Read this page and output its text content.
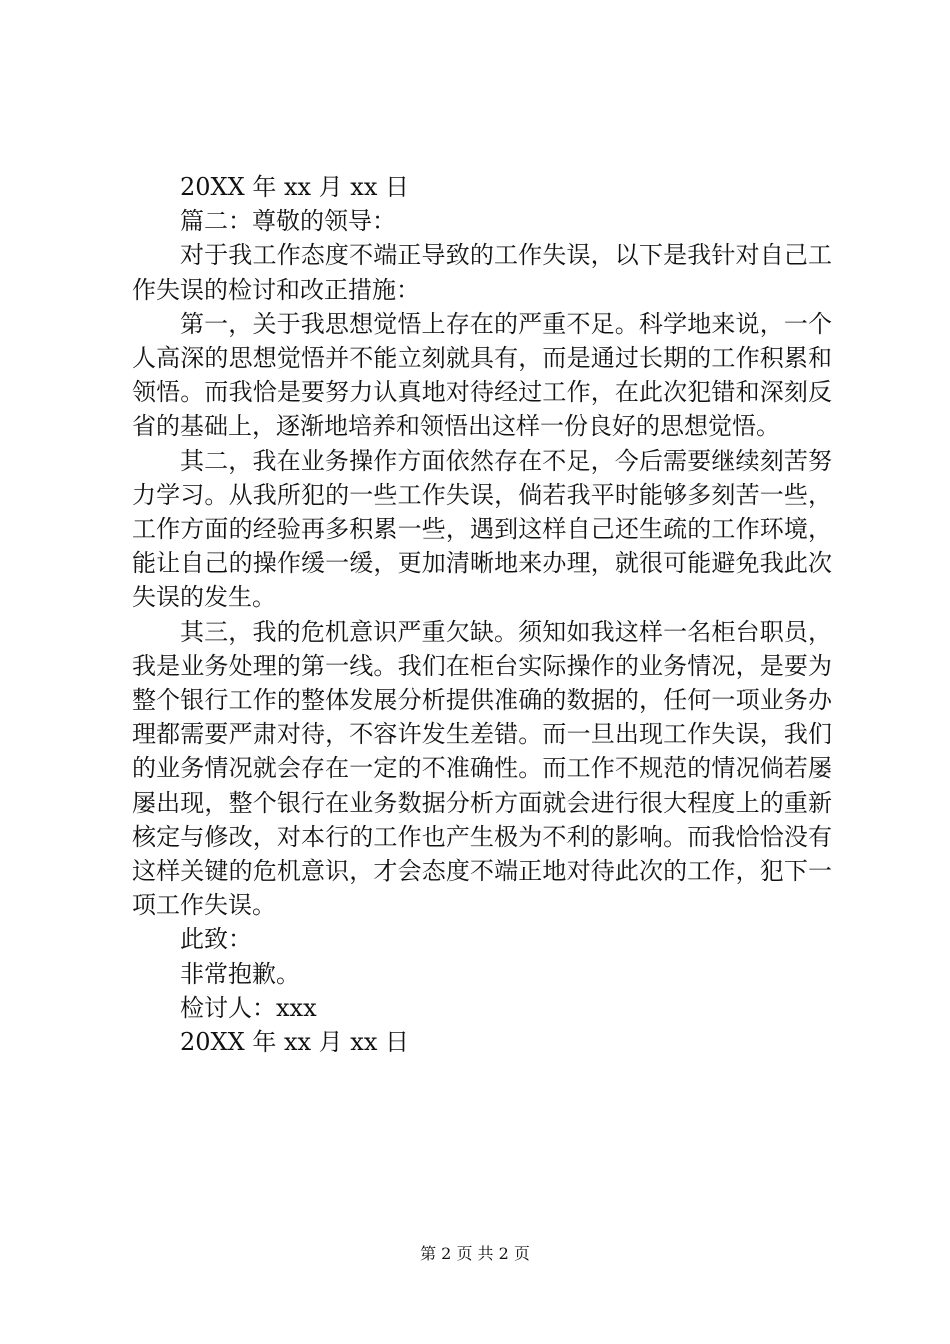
20XX 年 xx 月 xx 日
篇二：尊敬的领导：

对于我工作态度不端正导致的工作失误，以下是我针对自己工作失误的检讨和改正措施：

第一，关于我思想觉悟上存在的严重不足。科学地来说，一个人高深的思想觉悟并不能立刻就具有，而是通过长期的工作积累和领悟。而我恰是要努力认真地对待经过工作，在此次犯错和深刻反省的基础上，逐渐地培养和领悟出这样一份良好的思想觉悟。

其二，我在业务操作方面依然存在不足，今后需要继续刻苦努力学习。从我所犯的一些工作失误，倘若我平时能够多刻苦一些，工作方面的经验再多积累一些，遇到这样自己还生疏的工作环境，能让自己的操作缓一缓，更加清晰地来办理，就很可能避免我此次失误的发生。

其三，我的危机意识严重欠缺。须知如我这样一名柜台职员，我是业务处理的第一线。我们在柜台实际操作的业务情况，是要为整个银行工作的整体发展分析提供准确的数据的，任何一项业务办理都需要严肃对待，不容许发生差错。而一旦出现工作失误，我们的业务情况就会存在一定的不准确性。而工作不规范的情况倘若屡屡出现，整个银行在业务数据分析方面就会进行很大程度上的重新核定与修改，对本行的工作也产生极为不利的影响。而我恰恰没有这样关键的危机意识，才会态度不端正地对待此次的工作，犯下一项工作失误。

此致：
非常抱歉。
检讨人：xxx
20XX 年 xx 月 xx 日
第 2 页 共 2 页
